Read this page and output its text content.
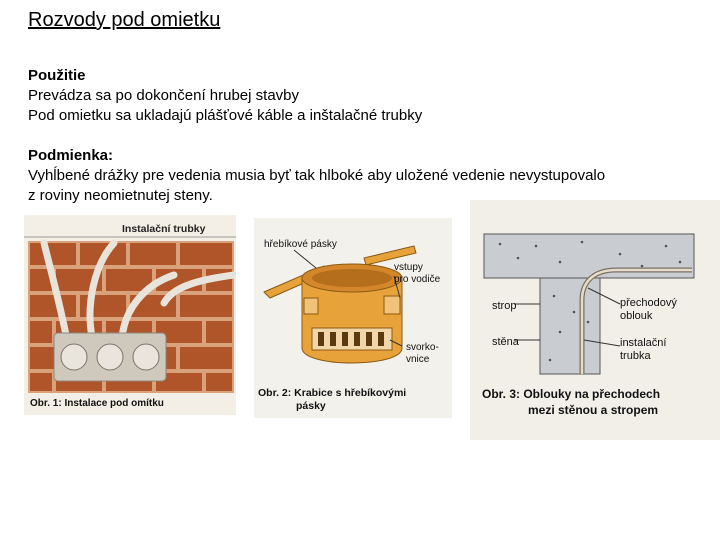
Rozvody pod omietku
Použitie
Prevádza sa po dokončení hrubej stavby
Pod omietku sa ukladajú plášťové káble a inštalačné trubky
Podmienka:
Vyhĺbené drážky pre vedenia musia byť tak hlboké aby uložené vedenie nevystupovalo
z roviny neomietnutej steny.
Instalační trubky
Obr. 1: Instalace pod omítku
hřebíkové pásky
vstupy
pro vodiče
svorko-
vnice
Obr. 2: Krabice s hřebíkovými
pásky
strop
stěna
přechodový
oblouk
instalační
trubka
Obr. 3: Oblouky na přechodech
mezi stěnou a stropem
